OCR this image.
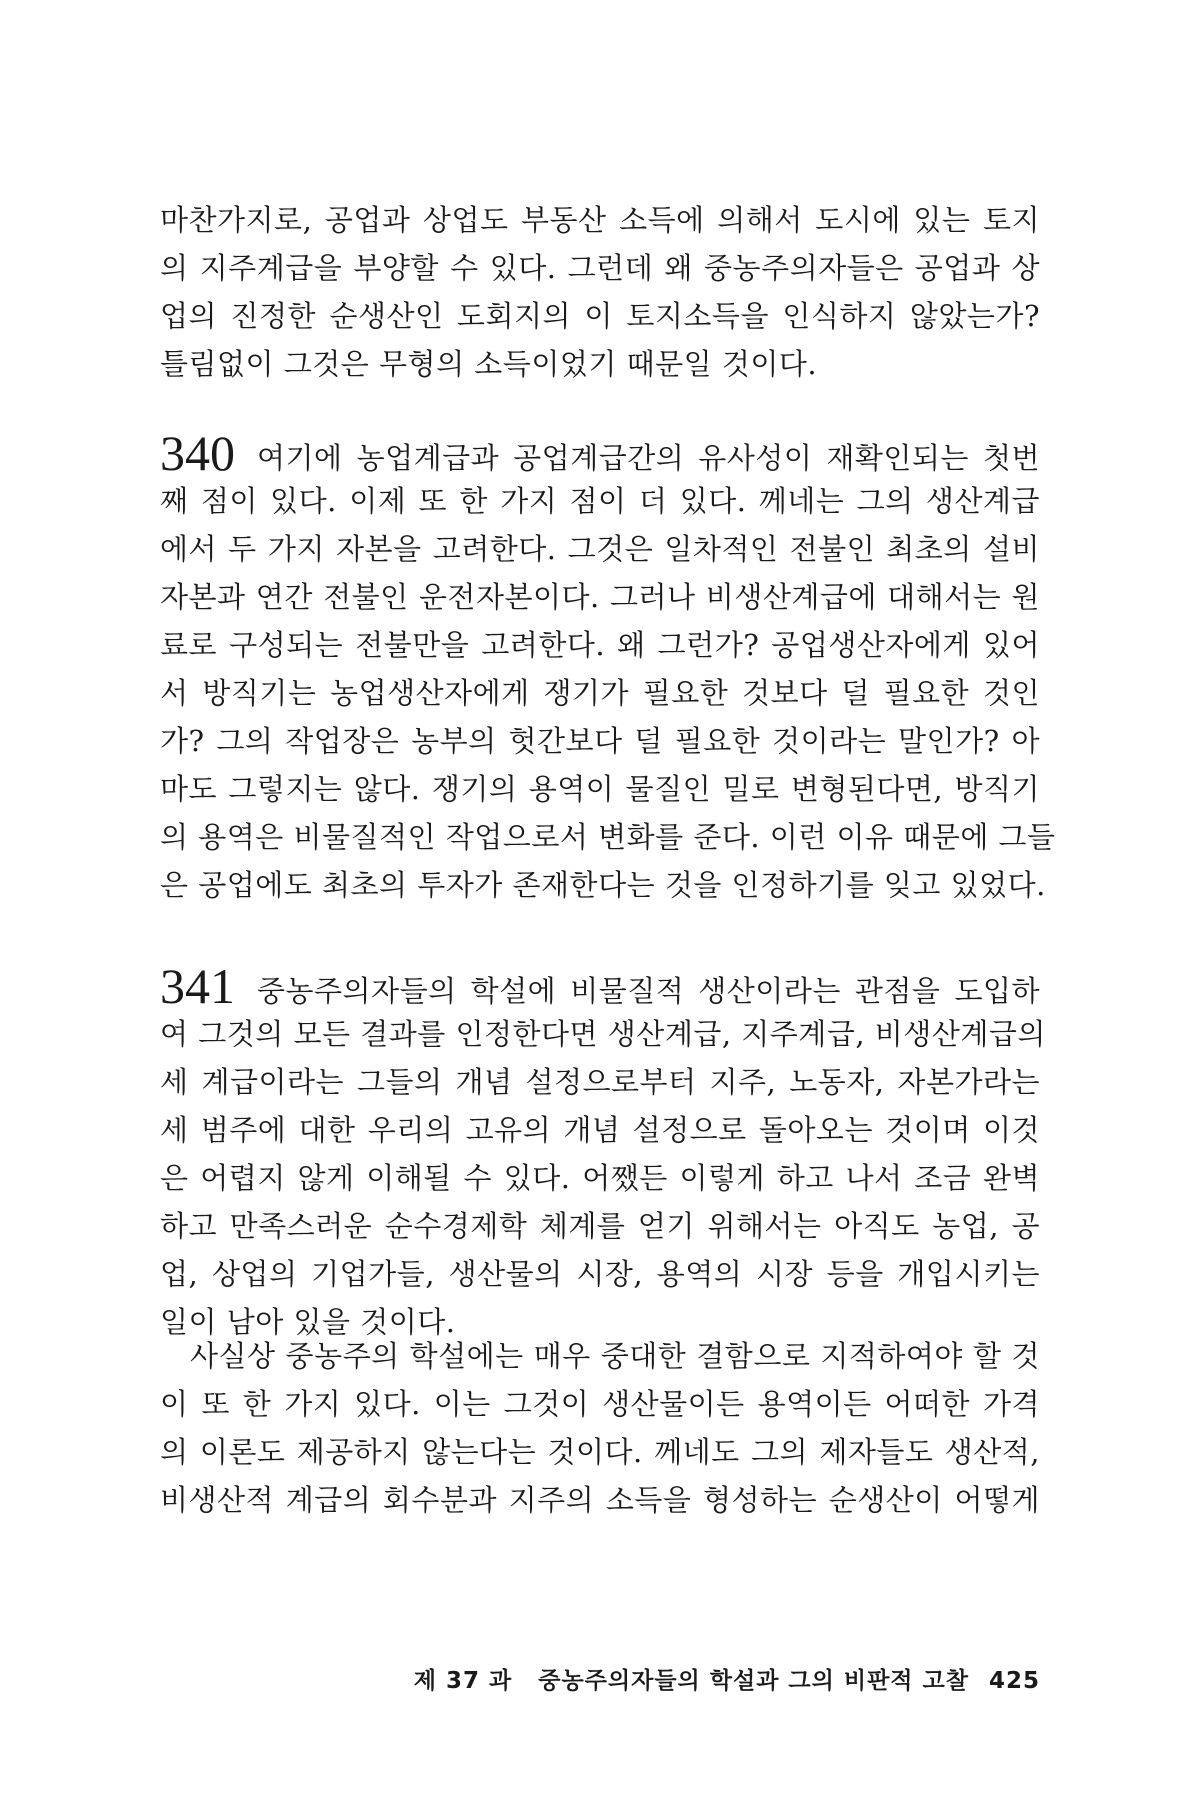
마찬가지로, 공업과 상업도 부동산 소득에 의해서 도시에 있는 토지
의 지주계급을 부양할 수 있다. 그런데 왜 중농주의자들은 공업과 상
업의 진정한 순생산인 도회지의 이 토지소득을 인식하지 않았는가?
틀림없이 그것은 무형의 소득이었기 때문일 것이다.
340 여기에 농업계급과 공업계급간의 유사성이 재확인되는 첫번
째 점이 있다. 이제 또 한 가지 점이 더 있다. 께네는 그의 생산계급
에서 두 가지 자본을 고려한다. 그것은 일차적인 전불인 최초의 설비
자본과 연간 전불인 운전자본이다. 그러나 비생산계급에 대해서는 원
료로 구성되는 전불만을 고려한다. 왜 그런가? 공업생산자에게 있어
서 방직기는 농업생산자에게 쟁기가 필요한 것보다 덜 필요한 것인
가? 그의 작업장은 농부의 헛간보다 덜 필요한 것이라는 말인가? 아
마도 그렇지는 않다. 쟁기의 용역이 물질인 밀로 변형된다면, 방직기
의 용역은 비물질적인 작업으로서 변화를 준다. 이런 이유 때문에 그들
은 공업에도 최초의 투자가 존재한다는 것을 인정하기를 잊고 있었다.
341 중농주의자들의 학설에 비물질적 생산이라는 관점을 도입하
여 그것의 모든 결과를 인정한다면 생산계급, 지주계급, 비생산계급의
세 계급이라는 그들의 개념 설정으로부터 지주, 노동자, 자본가라는
세 범주에 대한 우리의 고유의 개념 설정으로 돌아오는 것이며 이것
은 어렵지 않게 이해될 수 있다. 어쨌든 이렇게 하고 나서 조금 완벽
하고 만족스러운 순수경제학 체계를 얻기 위해서는 아직도 농업, 공
업, 상업의 기업가들, 생산물의 시장, 용역의 시장 등을 개입시키는
일이 남아 있을 것이다.
사실상 중농주의 학설에는 매우 중대한 결함으로 지적하여야 할 것
이 또 한 가지 있다. 이는 그것이 생산물이든 용역이든 어떠한 가격
의 이론도 제공하지 않는다는 것이다. 께네도 그의 제자들도 생산적,
비생산적 계급의 회수분과 지주의 소득을 형성하는 순생산이 어떻게
제 37 과 중농주의자들의 학설과 그의 비판적 고찰 425
